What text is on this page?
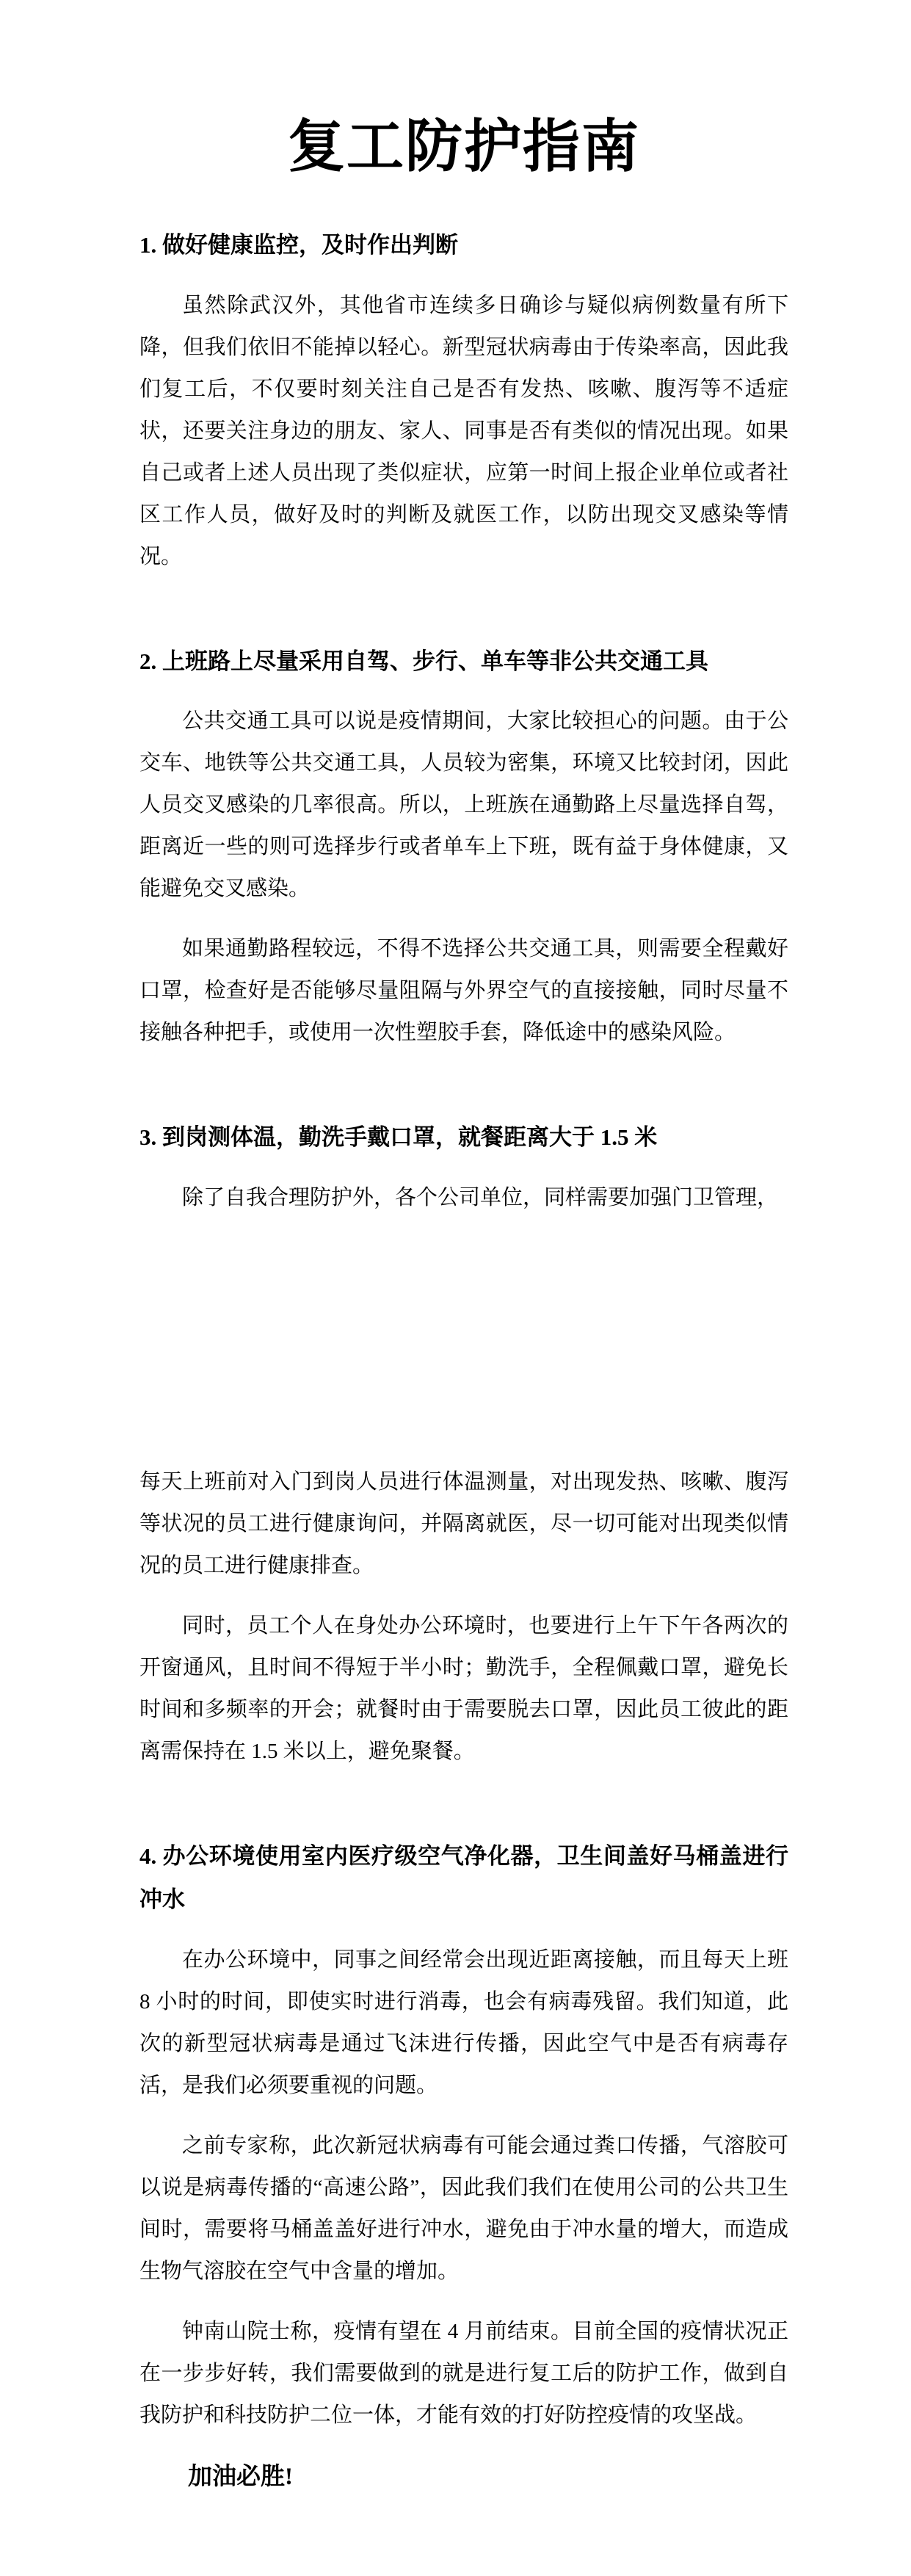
复工防护指南
1. 做好健康监控，及时作出判断

虽然除武汉外，其他省市连续多日确诊与疑似病例数量有所下降，但我们依旧不能掉以轻心。新型冠状病毒由于传染率高，因此我们复工后，不仅要时刻关注自己是否有发热、咳嗽、腹泻等不适症状，还要关注身边的朋友、家人、同事是否有类似的情况出现。如果自己或者上述人员出现了类似症状，应第一时间上报企业单位或者社区工作人员，做好及时的判断及就医工作，以防出现交叉感染等情况。

2. 上班路上尽量采用自驾、步行、单车等非公共交通工具

公共交通工具可以说是疫情期间，大家比较担心的问题。由于公交车、地铁等公共交通工具，人员较为密集，环境又比较封闭，因此人员交叉感染的几率很高。所以，上班族在通勤路上尽量选择自驾，距离近一些的则可选择步行或者单车上下班，既有益于身体健康，又能避免交叉感染。

如果通勤路程较远，不得不选择公共交通工具，则需要全程戴好口罩，检查好是否能够尽量阻隔与外界空气的直接接触，同时尽量不接触各种把手，或使用一次性塑胶手套，降低途中的感染风险。

3. 到岗测体温，勤洗手戴口罩，就餐距离大于 1.5 米

除了自我合理防护外，各个公司单位，同样需要加强门卫管理，

每天上班前对入门到岗人员进行体温测量，对出现发热、咳嗽、腹泻等状况的员工进行健康询问，并隔离就医，尽一切可能对出现类似情况的员工进行健康排查。

同时，员工个人在身处办公环境时，也要进行上午下午各两次的开窗通风，且时间不得短于半小时；勤洗手，全程佩戴口罩，避免长时间和多频率的开会；就餐时由于需要脱去口罩，因此员工彼此的距离需保持在 1.5 米以上，避免聚餐。

4. 办公环境使用室内医疗级空气净化器，卫生间盖好马桶盖进行冲水

在办公环境中，同事之间经常会出现近距离接触，而且每天上班 8 小时的时间，即使实时进行消毒，也会有病毒残留。我们知道，此次的新型冠状病毒是通过飞沫进行传播，因此空气中是否有病毒存活，是我们必须要重视的问题。

之前专家称，此次新冠状病毒有可能会通过粪口传播，气溶胶可以说是病毒传播的“高速公路”，因此我们我们在使用公司的公共卫生间时，需要将马桶盖盖好进行冲水，避免由于冲水量的增大，而造成生物气溶胶在空气中含量的增加。

钟南山院士称，疫情有望在 4 月前结束。目前全国的疫情状况正在一步步好转，我们需要做到的就是进行复工后的防护工作，做到自我防护和科技防护二位一体，才能有效的打好防控疫情的攻坚战。

加油必胜!
